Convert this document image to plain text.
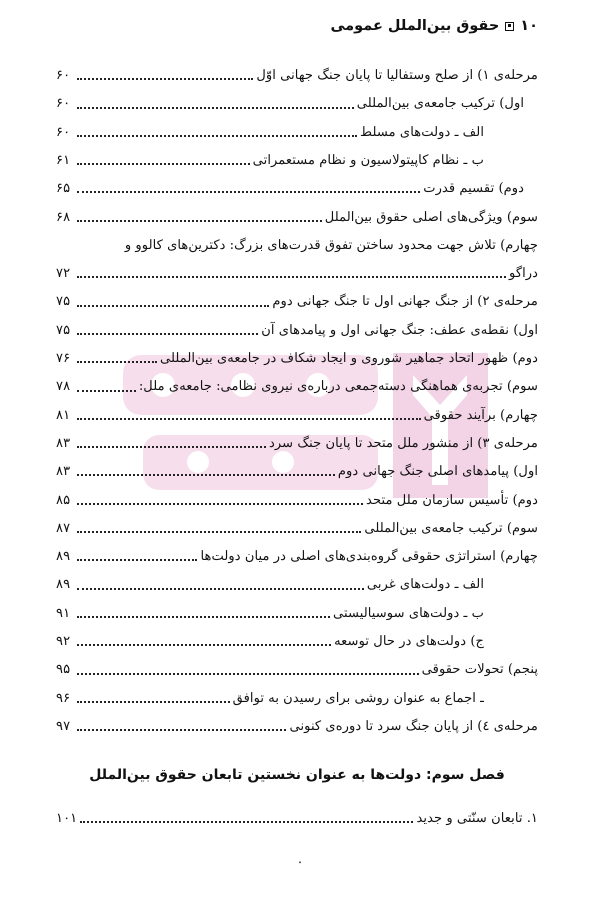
۱۰
حقوق بین‌الملل عمومی
مرحله‌ی ۱) از صلح وستفالیا تا پایان جنگ جهانی اوّل
۶۰
اول) ترکیب جامعه‌ی بین‌المللی
۶۰
الف ـ دولت‌های مسلط
۶۰
ب ـ نظام کاپیتولاسیون و نظام مستعمراتی
۶۱
دوم) تقسیم قدرت
۶۵
سوم) ویژگی‌های اصلی حقوق بین‌الملل
۶۸
چهارم) تلاش جهت محدود ساختن تفوق قدرت‌های بزرگ: دکترین‌های کالوو و
دراگو
۷۲
مرحله‌ی ۲) از جنگ جهانی اول تا جنگ جهانی دوم
۷۵
اول) نقطه‌ی عطف: جنگ جهانی اول و پیامدهای آن
۷۵
دوم) ظهور اتحاد جماهیر شوروی و ایجاد شکاف در جامعه‌ی بین‌المللی
۷۶
سوم) تجربه‌ی هماهنگی دسته‌جمعی درباره‌ی نیروی نظامی: جامعه‌ی ملل:
۷۸
چهارم) برآیند حقوقی
۸۱
مرحله‌ی ۳) از منشور ملل متحد تا پایان جنگ سرد
۸۳
اول) پیامدهای اصلی جنگ جهانی دوم
۸۳
دوم) تأسیس سازمان ملل متحد
۸۵
سوم) ترکیب جامعه‌ی بین‌المللی
۸۷
چهارم) استراتژی حقوقی گروه‌بندی‌های اصلی در میان دولت‌ها
۸۹
الف ـ دولت‌های غربی
۸۹
ب ـ دولت‌های سوسیالیستی
۹۱
ج) دولت‌های در حال توسعه
۹۲
پنجم) تحولات حقوقی
۹۵
ـ اجماع به عنوان روشی برای رسیدن به توافق
۹۶
مرحله‌ی ٤) از پایان جنگ سرد تا دوره‌ی کنونی
۹۷
فصل سوم: دولت‌ها به عنوان نخستین تابعان حقوق بین‌الملل
۱. تابعان سنّتی و جدید
۱۰۱
۰
